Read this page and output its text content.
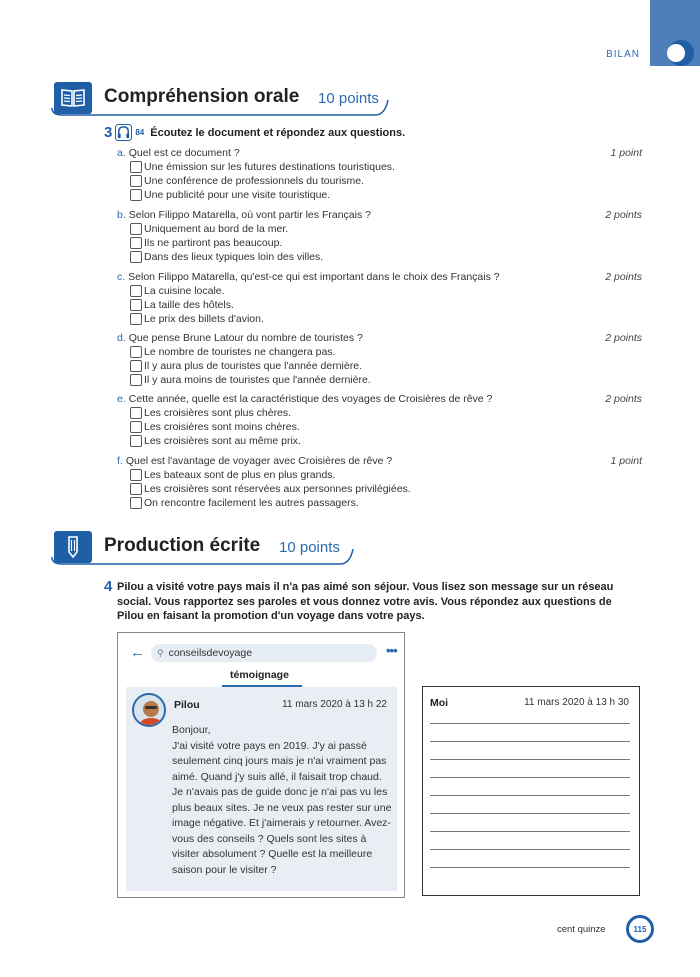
BILAN
Compréhension orale 10 points
3	84 Écoutez le document et répondez aux questions.
a. Quel est ce document ?	1 point
Une émission sur les futures destinations touristiques.
Une conférence de professionnels du tourisme.
Une publicité pour une visite touristique.
b. Selon Filippo Matarella, où vont partir les Français ?	2 points
Uniquement au bord de la mer.
Ils ne partiront pas beaucoup.
Dans des lieux typiques loin des villes.
c. Selon Filippo Matarella, qu'est-ce qui est important dans le choix des Français ?	2 points
La cuisine locale.
La taille des hôtels.
Le prix des billets d'avion.
d. Que pense Brune Latour du nombre de touristes ?	2 points
Le nombre de touristes ne changera pas.
Il y aura plus de touristes que l'année dernière.
Il y aura moins de touristes que l'année dernière.
e. Cette année, quelle est la caractéristique des voyages de Croisières de rêve ?	2 points
Les croisières sont plus chères.
Les croisières sont moins chères.
Les croisières sont au même prix.
f. Quel est l'avantage de voyager avec Croisières de rêve ?	1 point
Les bateaux sont de plus en plus grands.
Les croisières sont réservées aux personnes privilégiées.
On rencontre facilement les autres passagers.
Production écrite 10 points
4 Pilou a visité votre pays mais il n'a pas aimé son séjour. Vous lisez son message sur un réseau social. Vous rapportez ses paroles et vous donnez votre avis. Vous répondez aux questions de Pilou en faisant la promotion d'un voyage dans votre pays.
← ⚲ conseilsdevoyage	•••
témoignage
Pilou	11 mars 2020 à 13 h 22

Bonjour,

J'ai visité votre pays en 2019. J'y ai passé seulement cinq jours mais je n'ai vraiment pas aimé. Quand j'y suis allé, il faisait trop chaud. Je n'avais pas de guide donc je n'ai pas vu les plus beaux sites. Je ne veux pas rester sur une image négative. Et j'aimerais y retourner. Avez-vous des conseils ? Quels sont les sites à visiter absolument ? Quelle est la meilleure saison pour le visiter ?

Moi	11 mars 2020 à 13 h 30
cent quinze	115
